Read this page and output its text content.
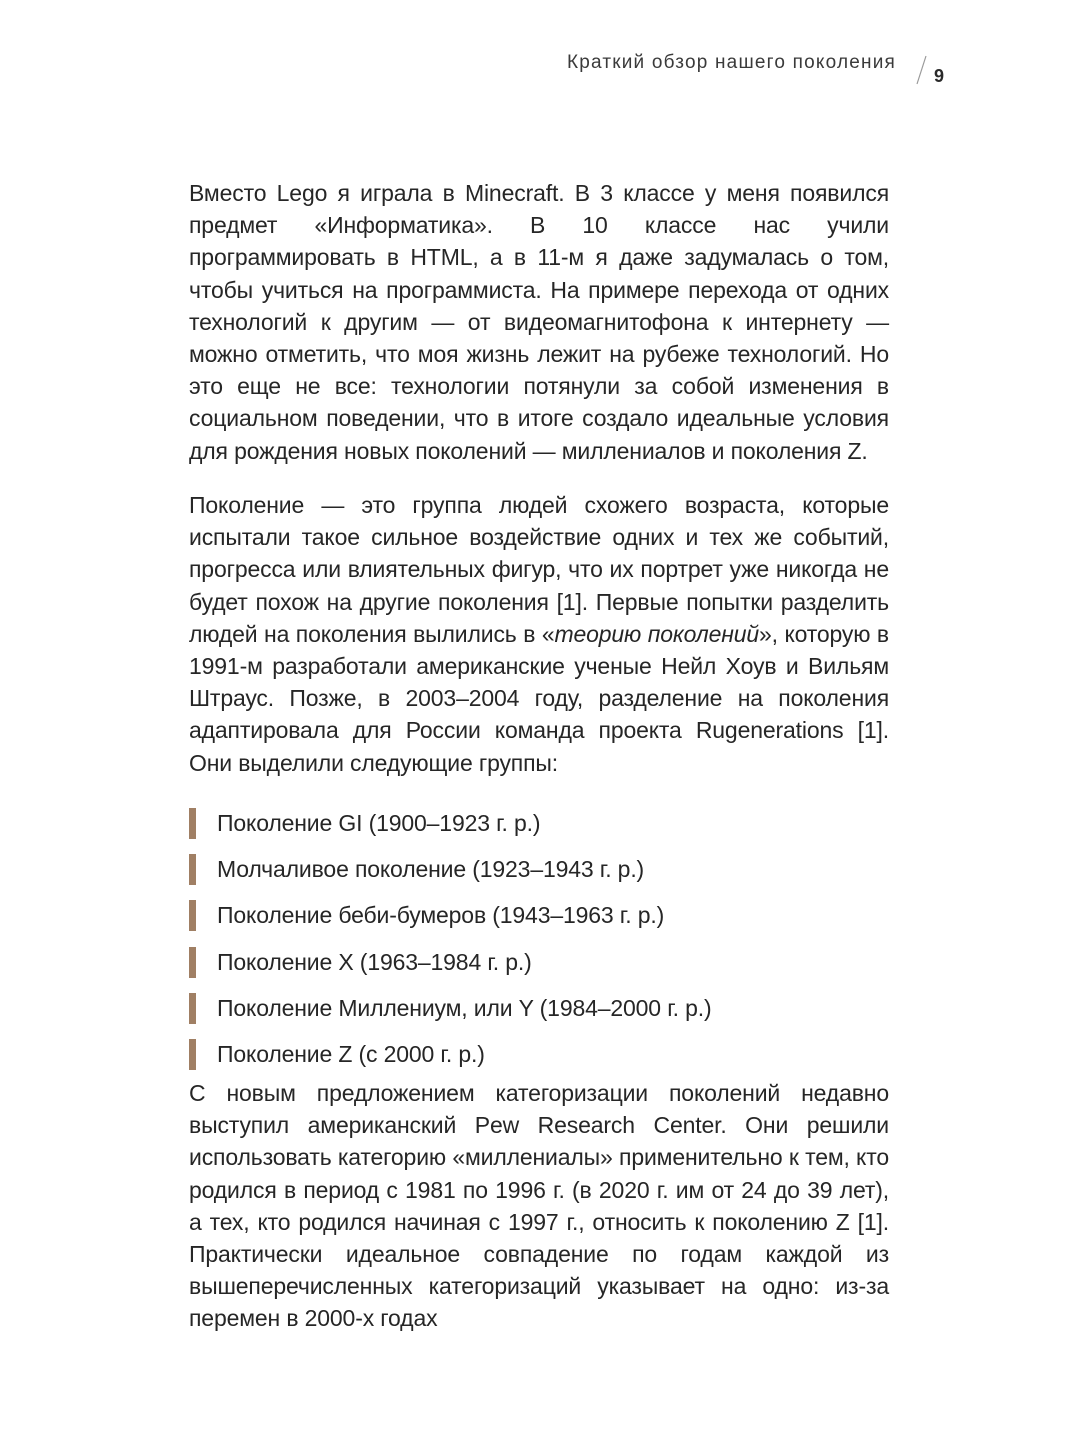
Краткий обзор нашего поколения
9

Вместо Lego я играла в Minecraft. В 3 классе у меня появился предмет «Информатика». В 10 классе нас учили программировать в HTML, а в 11-м я даже задумалась о том, чтобы учиться на программиста. На примере перехода от одних технологий к другим — от видеомагнитофона к интернету — можно отметить, что моя жизнь лежит на рубеже технологий. Но это еще не все: технологии потянули за собой изменения в социальном поведении, что в итоге создало идеальные условия для рождения новых поколений — миллениалов и поколения Z.

Поколение — это группа людей схожего возраста, которые испытали такое сильное воздействие одних и тех же событий, прогресса или влиятельных фигур, что их портрет уже никогда не будет похож на другие поколения [1]. Первые попытки разделить людей на поколения вылились в «теорию поколений», которую в 1991-м разработали американские ученые Нейл Хоув и Вильям Штраус. Позже, в 2003–2004 году, разделение на поколения адаптировала для России команда проекта Rugenerations [1]. Они выделили следующие группы:

Поколение GI (1900–1923 г. р.)
Молчаливое поколение (1923–1943 г. р.)
Поколение беби-бумеров (1943–1963 г. р.)
Поколение X (1963–1984 г. р.)
Поколение Миллениум, или Y (1984–2000 г. р.)
Поколение Z (с 2000 г. р.)

С новым предложением категоризации поколений недавно выступил американский Pew Research Center. Они решили использовать категорию «миллениалы» применительно к тем, кто родился в период с 1981 по 1996 г. (в 2020 г. им от 24 до 39 лет), а тех, кто родился начиная с 1997 г., относить к поколению Z [1]. Практически идеальное совпадение по годам каждой из вышеперечисленных категоризаций указывает на одно: из-за перемен в 2000-х годах
